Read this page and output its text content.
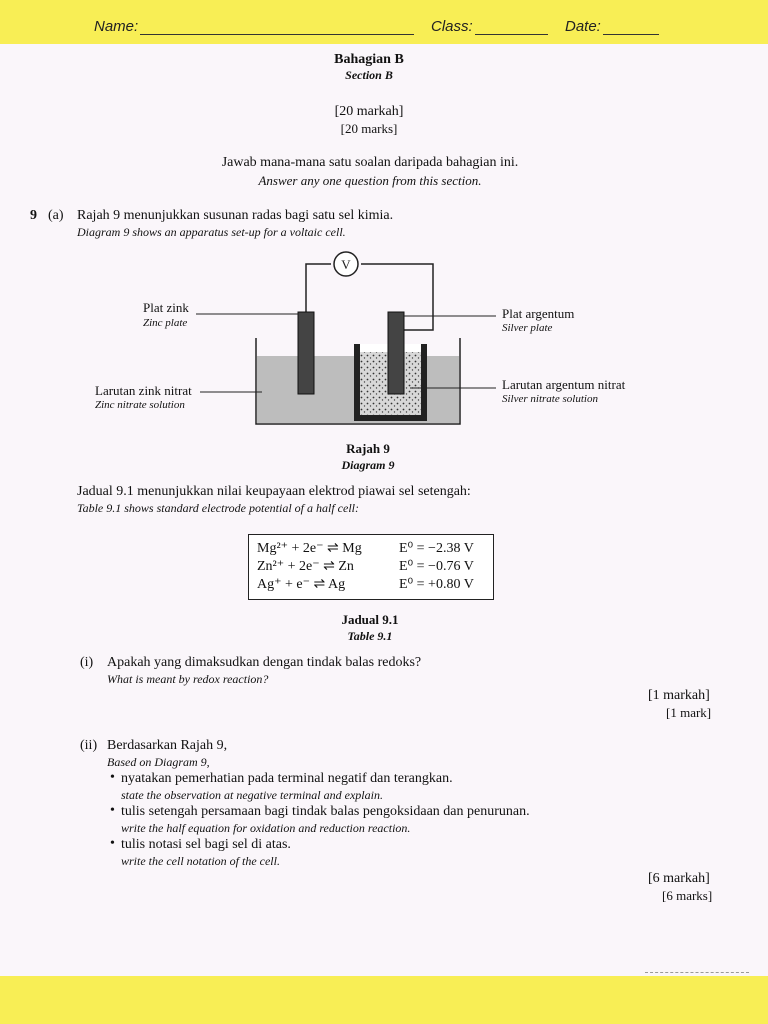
Name:	Class:	Date:
Bahagian B
Section B
[20 markah]
[20 marks]
Jawab mana-mana satu soalan daripada bahagian ini.
Answer any one question from this section.
9 (a) Rajah 9 menunjukkan susunan radas bagi satu sel kimia.
Diagram 9 shows an apparatus set-up for a voltaic cell.
V
Plat zink
Zinc plate
Plat argentum
Silver plate
Larutan zink nitrat
Zinc nitrate solution
Larutan argentum nitrat
Silver nitrate solution
Rajah 9
Diagram 9
Jadual 9.1 menunjukkan nilai keupayaan elektrod piawai sel setengah:
Table 9.1 shows standard electrode potential of a half cell:
Mg²⁺ + 2e⁻ ⇌ Mg	E⁰ = −2.38 V
Zn²⁺ + 2e⁻ ⇌ Zn	E⁰ = −0.76 V
Ag⁺ + e⁻ ⇌ Ag	E⁰ = +0.80 V
Jadual 9.1
Table 9.1
(i) Apakah yang dimaksudkan dengan tindak balas redoks?
What is meant by redox reaction?
[1 markah]
[1 mark]
(ii) Berdasarkan Rajah 9,
Based on Diagram 9,
• nyatakan pemerhatian pada terminal negatif dan terangkan.
state the observation at negative terminal and explain.
• tulis setengah persamaan bagi tindak balas pengoksidaan dan penurunan.
write the half equation for oxidation and reduction reaction.
• tulis notasi sel bagi sel di atas.
write the cell notation of the cell.
[6 markah]
[6 marks]
